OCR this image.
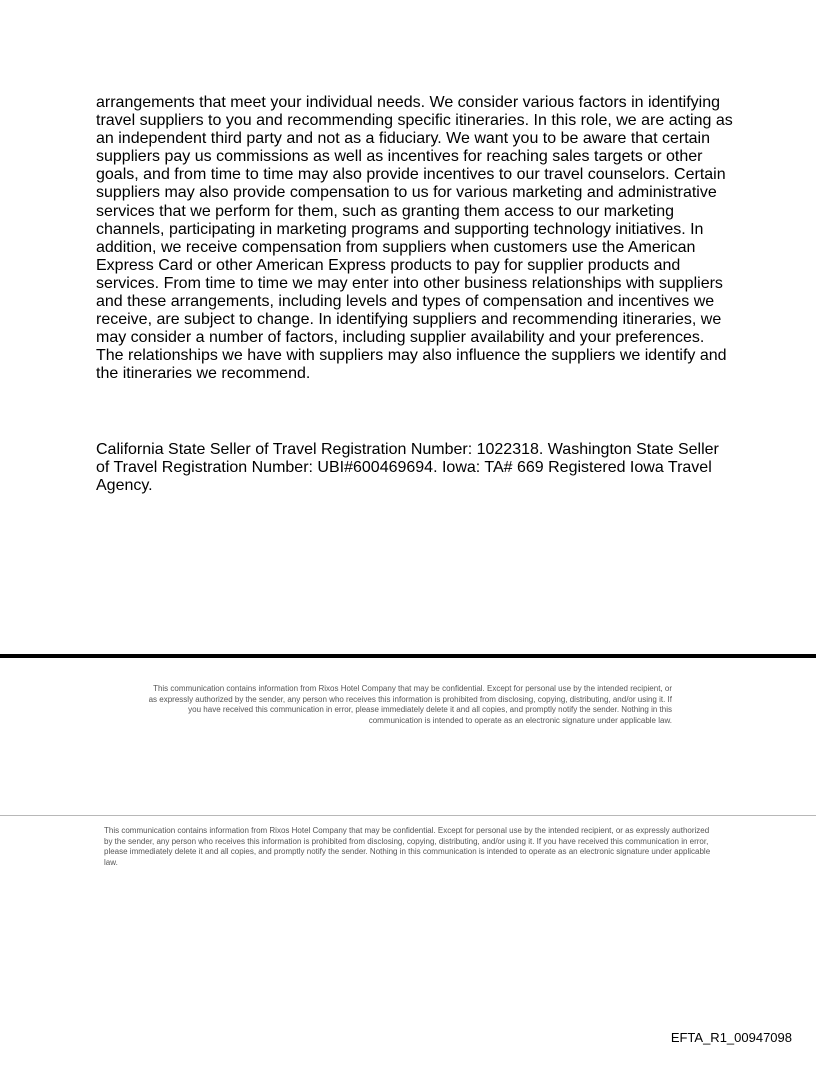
arrangements that meet your individual needs. We consider various factors in identifying travel suppliers to you and recommending specific itineraries. In this role, we are acting as an independent third party and not as a fiduciary. We want you to be aware that certain suppliers pay us commissions as well as incentives for reaching sales targets or other goals, and from time to time may also provide incentives to our travel counselors. Certain suppliers may also provide compensation to us for various marketing and administrative services that we perform for them, such as granting them access to our marketing channels, participating in marketing programs and supporting technology initiatives. In addition, we receive compensation from suppliers when customers use the American Express Card or other American Express products to pay for supplier products and services. From time to time we may enter into other business relationships with suppliers and these arrangements, including levels and types of compensation and incentives we receive, are subject to change. In identifying suppliers and recommending itineraries, we may consider a number of factors, including supplier availability and your preferences. The relationships we have with suppliers may also influence the suppliers we identify and the itineraries we recommend.

California State Seller of Travel Registration Number: 1022318. Washington State Seller of Travel Registration Number: UBI#600469694. Iowa: TA# 669 Registered Iowa Travel Agency.

This communication contains information from Rixos Hotel Company that may be confidential. Except for personal use by the intended recipient, or as expressly authorized by the sender, any person who receives this information is prohibited from disclosing, copying, distributing, and/or using it. If you have received this communication in error, please immediately delete it and all copies, and promptly notify the sender. Nothing in this communication is intended to operate as an electronic signature under applicable law.

This communication contains information from Rixos Hotel Company that may be confidential. Except for personal use by the intended recipient, or as expressly authorized by the sender, any person who receives this information is prohibited from disclosing, copying, distributing, and/or using it. If you have received this communication in error, please immediately delete it and all copies, and promptly notify the sender. Nothing in this communication is intended to operate as an electronic signature under applicable law.

EFTA_R1_00947098
